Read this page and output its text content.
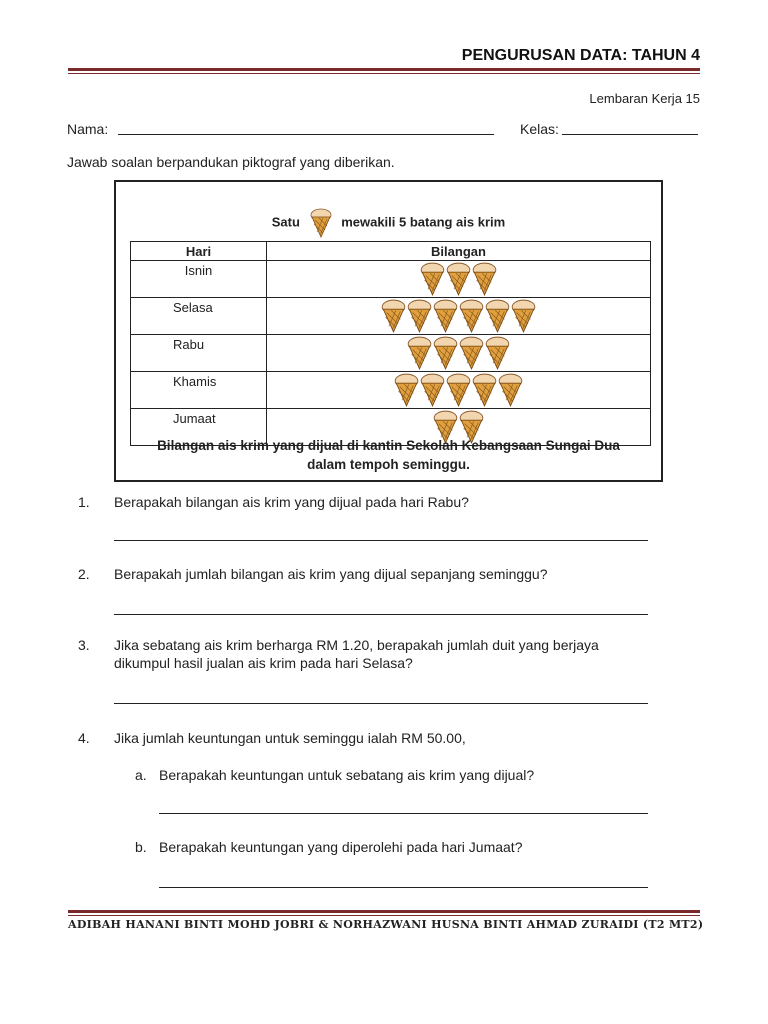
PENGURUSAN DATA: TAHUN 4
Lembaran Kerja 15
Nama:	Kelas:
Jawab soalan berpandukan piktograf yang diberikan.
Satu	mewakili 5 batang ais krim
Hari	Bilangan

Isnin

Selasa

Rabu

Khamis

Jumaat

Bilangan ais krim yang dijual di kantin Sekolah Kebangsaan Sungai Dua
dalam tempoh seminggu.
1. Berapakah bilangan ais krim yang dijual pada hari Rabu?
2. Berapakah jumlah bilangan ais krim yang dijual sepanjang seminggu?
3. Jika sebatang ais krim berharga RM 1.20, berapakah jumlah duit yang berjaya
dikumpul hasil jualan ais krim pada hari Selasa?
4. Jika jumlah keuntungan untuk seminggu ialah RM 50.00,
a. Berapakah keuntungan untuk sebatang ais krim yang dijual?
b. Berapakah keuntungan yang diperolehi pada hari Jumaat?
ADIBAH HANANI BINTI MOHD JOBRI & NORHAZWANI HUSNA BINTI AHMAD ZURAIDI (T2 MT2)
